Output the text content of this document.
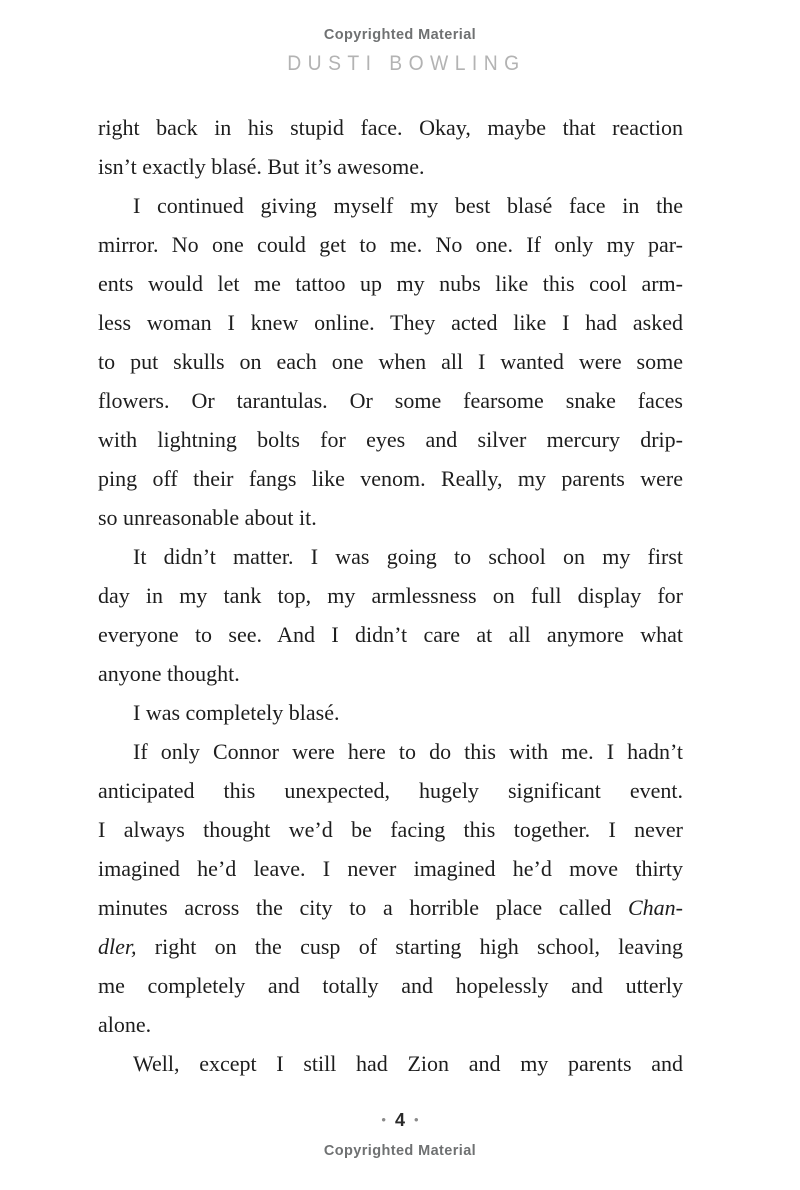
Copyrighted Material
DUSTI BOWLING
right back in his stupid face. Okay, maybe that reaction
isn’t exactly blasé. But it’s awesome.
I continued giving myself my best blasé face in the
mirror. No one could get to me. No one. If only my par-
ents would let me tattoo up my nubs like this cool arm-
less woman I knew online. They acted like I had asked
to put skulls on each one when all I wanted were some
flowers. Or tarantulas. Or some fearsome snake faces
with lightning bolts for eyes and silver mercury drip-
ping off their fangs like venom. Really, my parents were
so unreasonable about it.
It didn’t matter. I was going to school on my first
day in my tank top, my armlessness on full display for
everyone to see. And I didn’t care at all anymore what
anyone thought.
I was completely blasé.
If only Connor were here to do this with me. I hadn’t
anticipated this unexpected, hugely significant event.
I always thought we’d be facing this together. I never
imagined he’d leave. I never imagined he’d move thirty
minutes across the city to a horrible place called Chan-
dler, right on the cusp of starting high school, leaving
me completely and totally and hopelessly and utterly
alone.
Well, except I still had Zion and my parents and
• 4 •
Copyrighted Material
